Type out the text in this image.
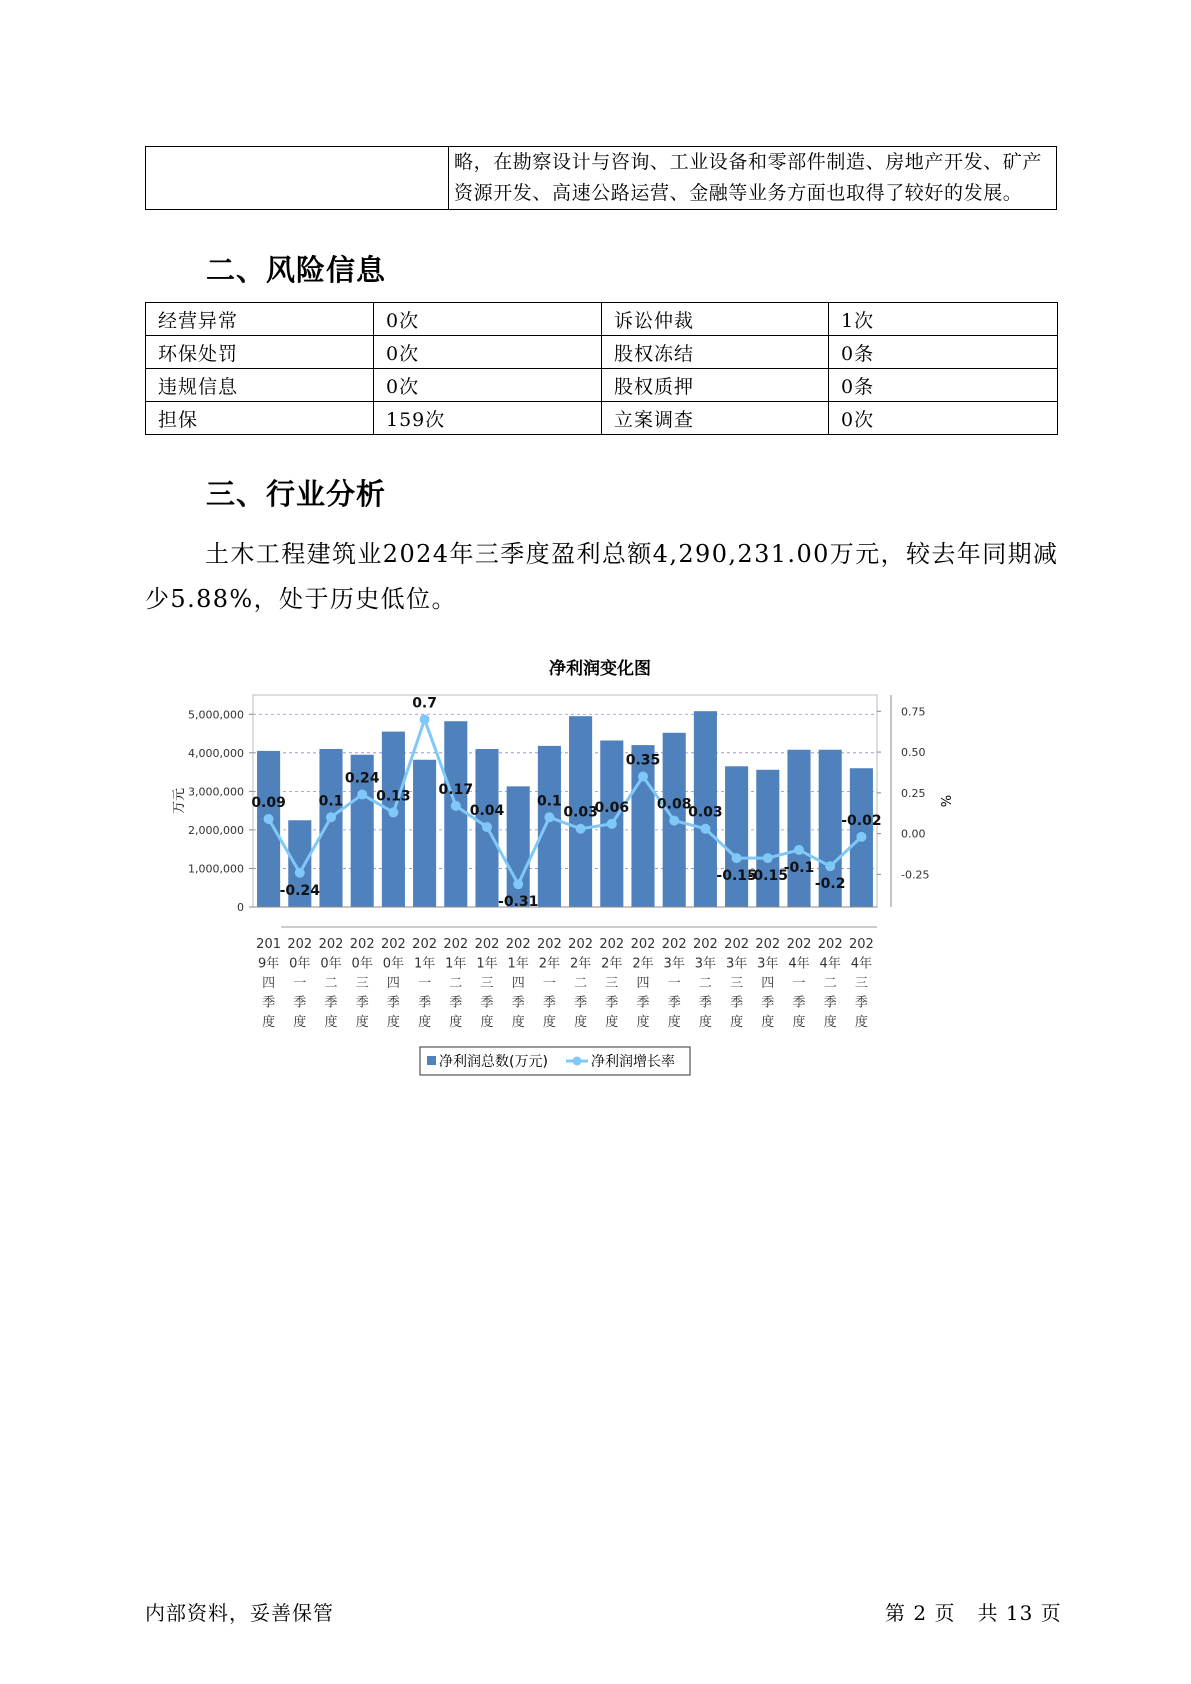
略，在勘察设计与咨询、工业设备和零部件制造、房地产开发、矿产
资源开发、高速公路运营、金融等业务方面也取得了较好的发展。
二、风险信息
经营异常	0次	诉讼仲裁	1次
环保处罚	0次	股权冻结	0条
违规信息	0次	股权质押	0条
担保	159次	立案调查	0次
三、行业分析
土木工程建筑业2024年三季度盈利总额4,290,231.00万元，较去年同期减少5.88%，处于历史低位。
净利润变化图
0.09
-0.24
0.1
0.24
0.13
0.7
0.17
0.04
-0.31
0.1
0.03
0.06
0.35
0.08
0.03
-0.15
-0.15
-0.1
-0.2
-0.02
0
1,000,000
2,000,000
3,000,000
4,000,000
5,000,000
-0.25
0.00
0.25
0.50
0.75
万元	%
201 9年四季度
202 0年一季度
202 0年二季度
202 0年三季度
202 0年四季度
202 1年一季度
202 1年二季度
202 1年三季度
202 1年四季度
202 2年一季度
202 2年二季度
202 2年三季度
202 2年四季度
202 3年一季度
202 3年二季度
202 3年三季度
202 3年四季度
202 4年一季度
202 4年二季度
202 4年三季度
净利润总数(万元)	净利润增长率
内部资料，妥善保管	第 2 页   共 13 页
